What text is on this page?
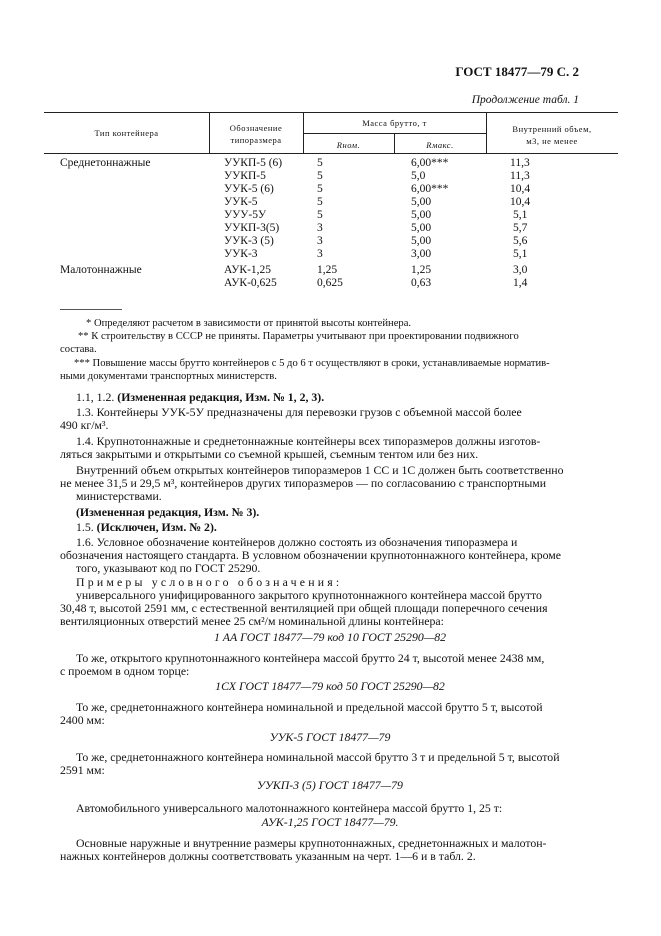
ГОСТ 18477—79 С. 2
Продолжение табл. 1
Тип контейнера	Обозначение
типоразмера
Масса брутто, т
Rном.	Rмакс.
Внутренний объем,
м3, не менее
Среднетоннажные	УУКП-5 (6)	5	6,00***	11,3
УУКП-5	5	5,0	11,3
УУК-5 (6)	5	6,00***	10,4
УУК-5	5	5,00	10,4
УУУ-5У	5	5,00	5,1
УУКП-3(5)	3	5,00	5,7
УУК-3 (5)	3	5,00	5,6
УУК-3	3	3,00	5,1
Малотоннажные	АУК-1,25	1,25	1,25	3,0
АУК-0,625	0,625	0,63	1,4
* Определяют расчетом в зависимости от принятой высоты контейнера.
** К строительству в СССР не приняты. Параметры учитывают при проектировании подвижного
состава.
*** Повышение массы брутто контейнеров с 5 до 6 т осуществляют в сроки, устанавливаемые норматив-
ными документами транспортных министерств.
1.1, 1.2. (Измененная редакция, Изм. № 1, 2, 3).
1.3. Контейнеры УУК-5У предназначены для перевозки грузов с объемной массой более
490 кг/м³.
1.4. Крупнотоннажные и среднетоннажные контейнеры всех типоразмеров должны изготов-
ляться закрытыми и открытыми со съемной крышей, съемным тентом или без них.
Внутренний объем открытых контейнеров типоразмеров 1 СС и 1С должен быть соответственно
не менее 31,5 и 29,5 м³, контейнеров других типоразмеров — по согласованию с транспортными
министерствами.
(Измененная редакция, Изм. № 3).
1.5. (Исключен, Изм. № 2).
1.6. Условное обозначение контейнеров должно состоять из обозначения типоразмера и
обозначения настоящего стандарта. В условном обозначении крупнотоннажного контейнера, кроме
того, указывают код по ГОСТ 25290.
Примеры условного обозначения:
универсального унифицированного закрытого крупнотоннажного контейнера массой брутто
30,48 т, высотой 2591 мм, с естественной вентиляцией при общей площади поперечного сечения
вентиляционных отверстий менее 25 см²/м номинальной длины контейнера:
1 АА ГОСТ 18477—79 код 10 ГОСТ 25290—82
То же, открытого крупнотоннажного контейнера массой брутто 24 т, высотой менее 2438 мм,
с проемом в одном торце:
1СХ ГОСТ 18477—79 код 50 ГОСТ 25290—82
То же, среднетоннажного контейнера номинальной и предельной массой брутто 5 т, высотой
2400 мм:
УУК-5 ГОСТ 18477—79
То же, среднетоннажного контейнера номинальной массой брутто 3 т и предельной 5 т, высотой
2591 мм:
УУКП-3 (5) ГОСТ 18477—79
Автомобильного универсального малотоннажного контейнера массой брутто 1, 25 т:
АУК-1,25 ГОСТ 18477—79.
Основные наружные и внутренние размеры крупнотоннажных, среднетоннажных и малотон-
нажных контейнеров должны соответствовать указанным на черт. 1—6 и в табл. 2.
